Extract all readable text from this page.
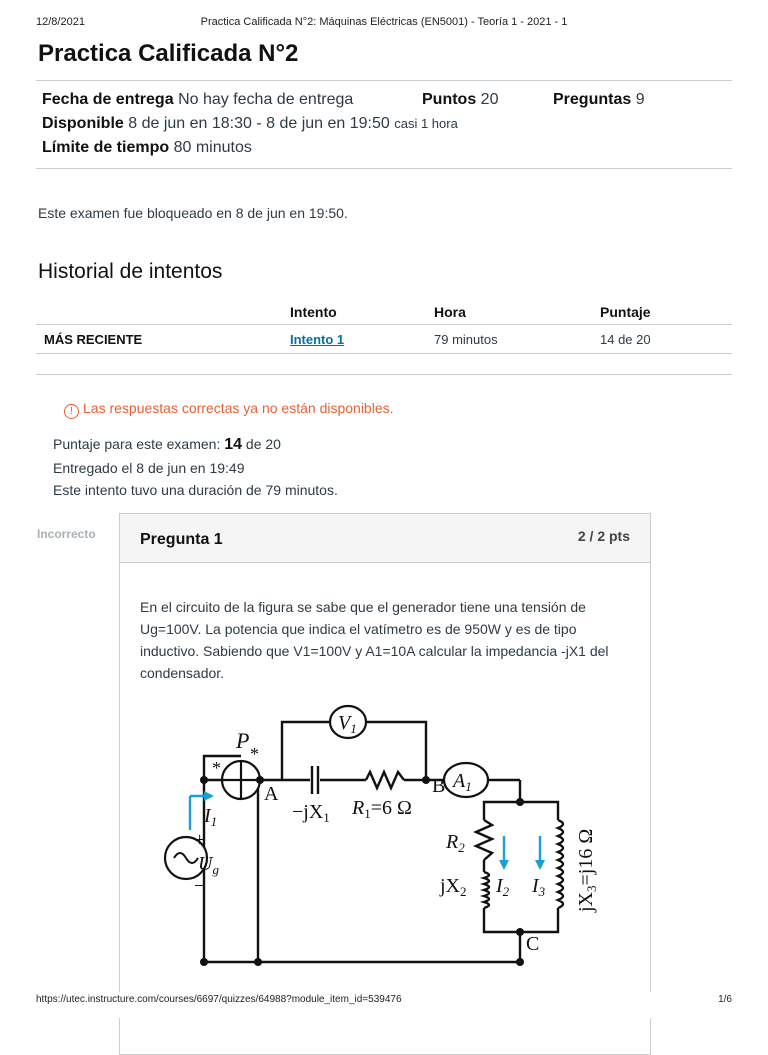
12/8/2021	Practica Calificada N°2: Máquinas Eléctricas (EN5001) - Teoría 1 - 2021 - 1
Practica Calificada N°2
Fecha de entrega No hay fecha de entrega	Puntos 20	Preguntas 9
Disponible 8 de jun en 18:30 - 8 de jun en 19:50 casi 1 hora
Límite de tiempo 80 minutos
Este examen fue bloqueado en 8 de jun en 19:50.
Historial de intentos
	Intento	Hora	Puntaje
MÁS RECIENTE	Intento 1	79 minutos	14 de 20
! Las respuestas correctas ya no están disponibles.
Puntaje para este examen: 14 de 20
Entregado el 8 de jun en 19:49
Este intento tuvo una duración de 79 minutos.
Incorrecto	Pregunta 1	2 / 2 pts

En el circuito de la figura se sabe que el generador tiene una tensión de Ug=100V. La potencia que indica el vatímetro es de 950W y es de tipo inductivo. Sabiendo que V1=100V y A1=10A calcular la impedancia -jX1 del condensador.

P
*
*
$V_1$
$A_1$
A	B
C
$-jX_1$ $R_1=6$ Ω
$I_1$
+
$U_g$
−
$R_2$
$jX_2$ $I_2$ $I_3$
$jX_3=j16$ Ω
https://utec.instructure.com/courses/6697/quizzes/64988?module_item_id=539476	1/6
